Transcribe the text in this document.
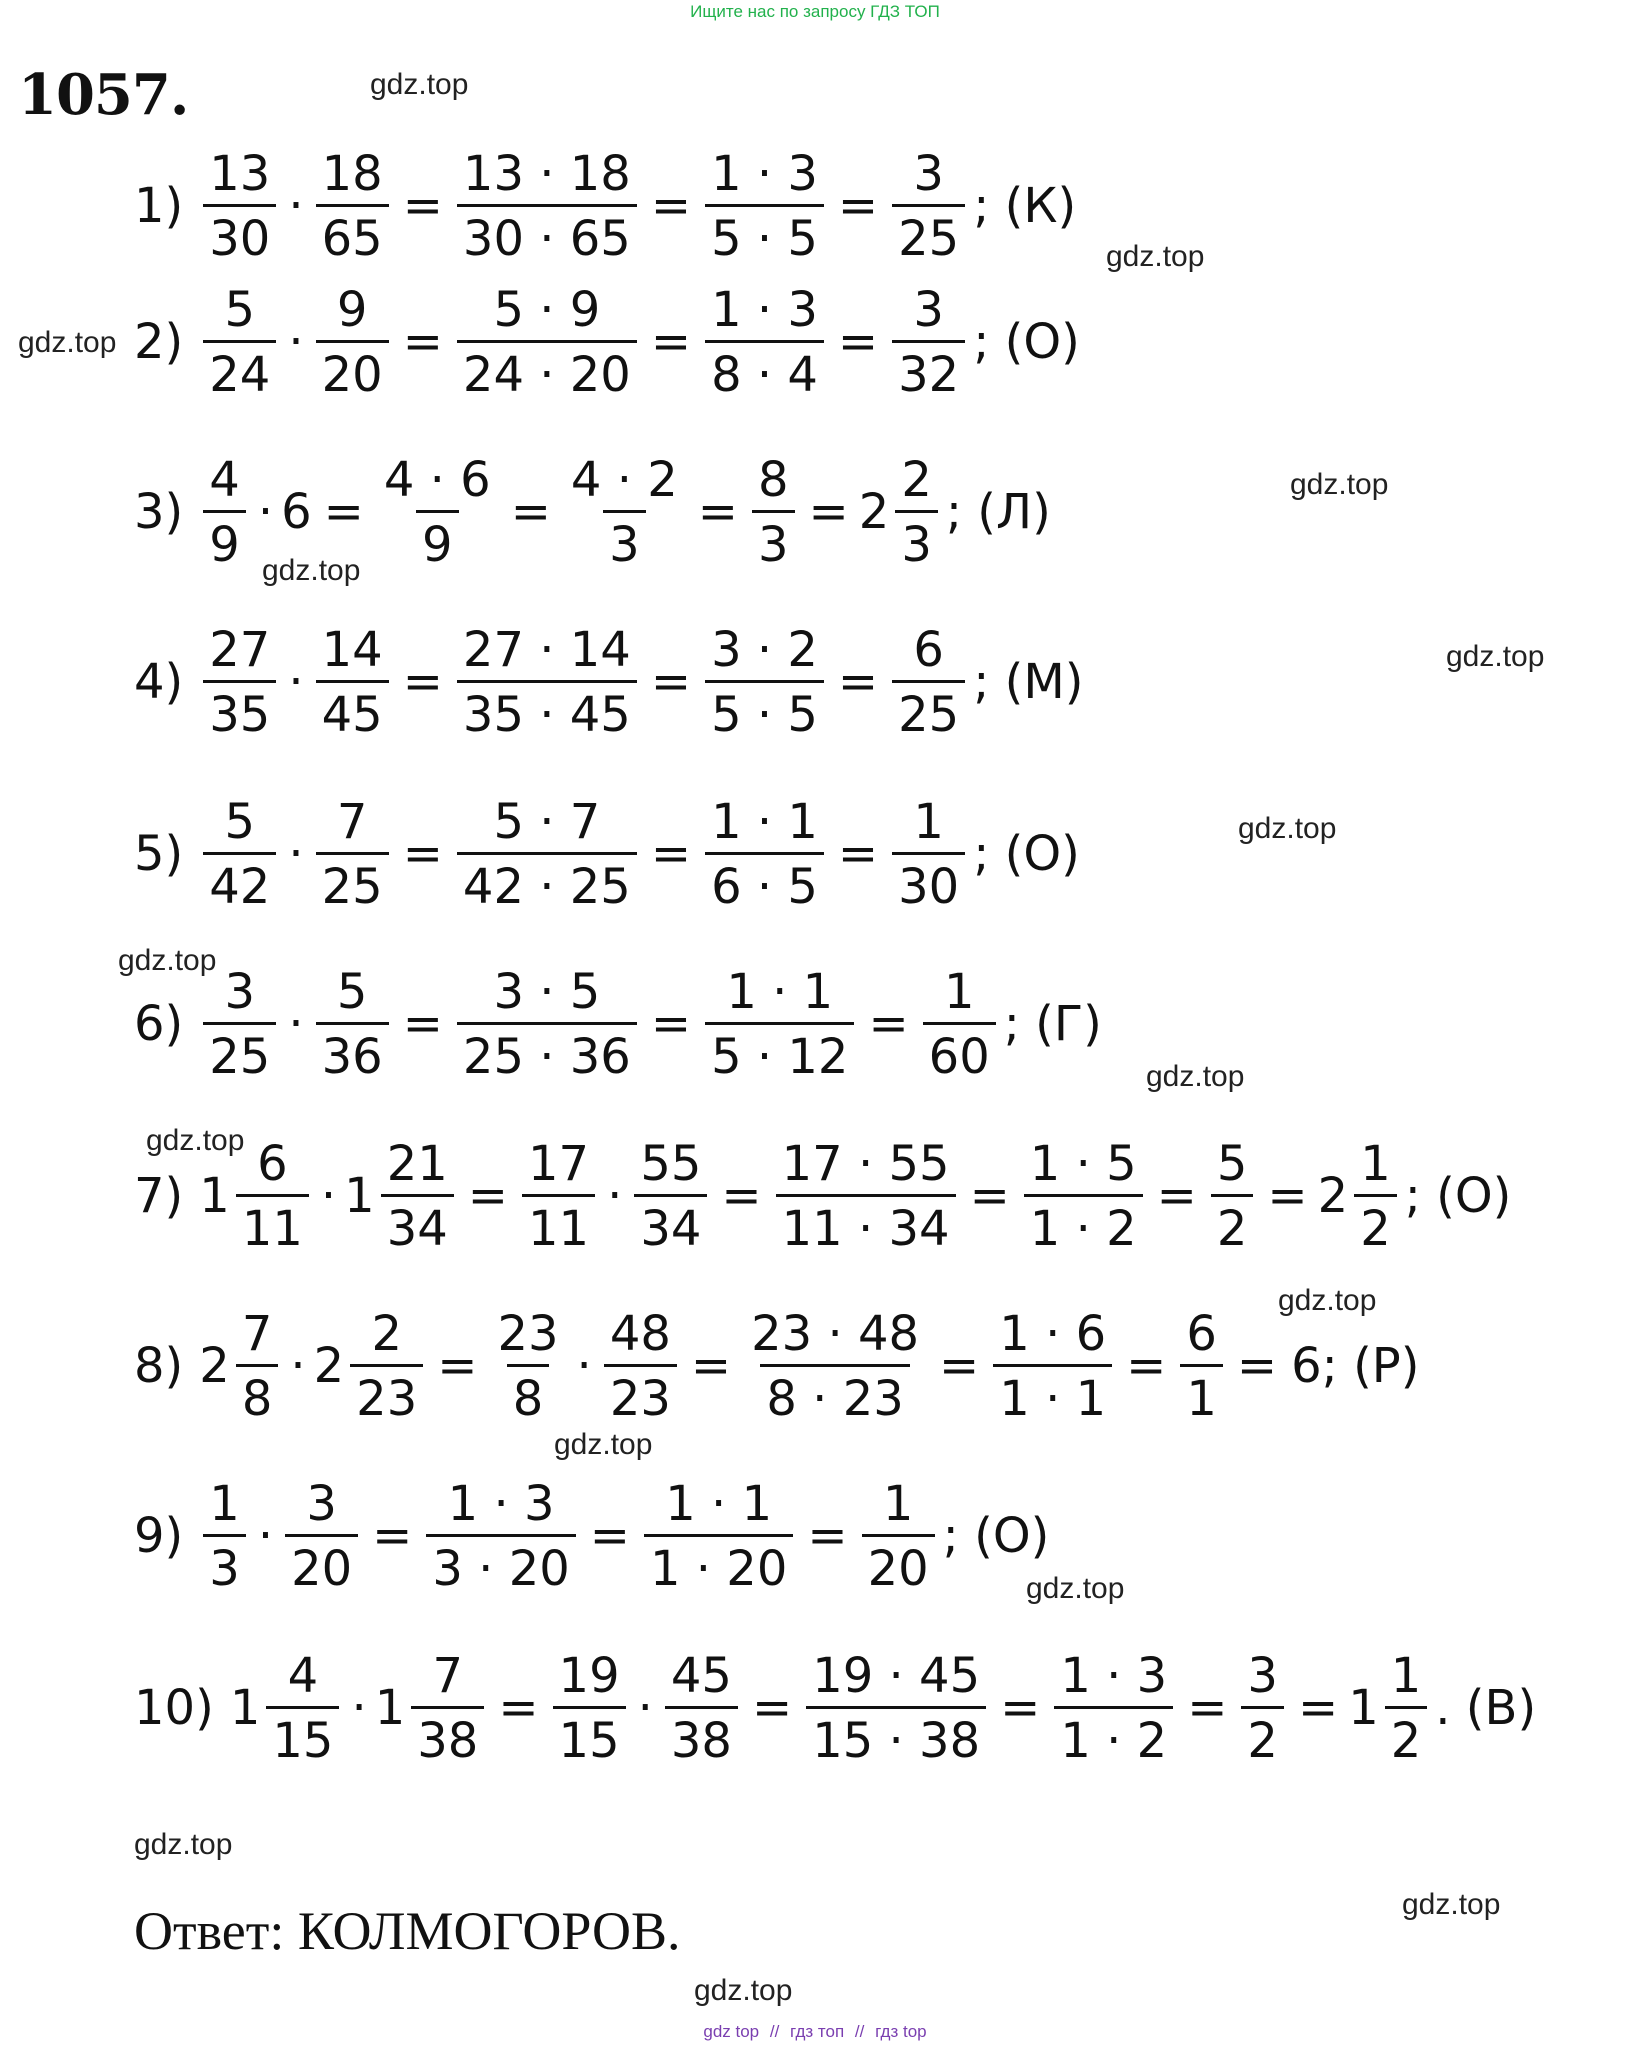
Ищите нас по запросу ГДЗ ТОП
1057.	gdz.top
gdz.top
gdz.top
gdz.top
gdz.top
gdz.top
gdz.top
gdz.top
gdz.top
gdz.top
gdz.top
gdz.top
gdz.top
gdz.top
gdz.top
gdz.top
$1) \frac{13}{30} \cdot \frac{18}{65} = \frac{13 \cdot 18}{30 \cdot 65} = \frac{1 \cdot 3}{5 \cdot 5} = \frac{3}{25}$ ; (К)
$2) \frac{5}{24} \cdot \frac{9}{20} = \frac{5 \cdot 9}{24 \cdot 20} = \frac{1 \cdot 3}{8 \cdot 4} = \frac{3}{32}$ ; (О)
$3) \frac{4}{9} \cdot 6 = \frac{4 \cdot 6}{9} = \frac{4 \cdot 2}{3} = \frac{8}{3} = 2 \frac{2}{3}$ ; (Л)
$4) \frac{27}{35} \cdot \frac{14}{45} = \frac{27 \cdot 14}{35 \cdot 45} = \frac{3 \cdot 2}{5 \cdot 5} = \frac{6}{25}$ ; (М)
$5) \frac{5}{42} \cdot \frac{7}{25} = \frac{5 \cdot 7}{42 \cdot 25} = \frac{1 \cdot 1}{6 \cdot 5} = \frac{1}{30}$ ; (О)
$6) \frac{3}{25} \cdot \frac{5}{36} = \frac{3 \cdot 5}{25 \cdot 36} = \frac{1 \cdot 1}{5 \cdot 12} = \frac{1}{60}$ ; (Г)
7) $1 \frac{6}{11} \cdot 1 \frac{21}{34} = \frac{17}{11} \cdot \frac{55}{34} = \frac{17 \cdot 55}{11 \cdot 34} = \frac{1 \cdot 5}{1 \cdot 2} = \frac{5}{2} = 2 \frac{1}{2}$ ; (О)
8) $2 \frac{7}{8} \cdot 2 \frac{2}{23} = \frac{23}{8} \cdot \frac{48}{23} = \frac{23 \cdot 48}{8 \cdot 23} = \frac{1 \cdot 6}{1 \cdot 1} = \frac{6}{1} = 6$; (Р)
$9) \frac{1}{3} \cdot \frac{3}{20} = \frac{1 \cdot 3}{3 \cdot 20} = \frac{1 \cdot 1}{1 \cdot 20} = \frac{1}{20}$ ; (О)
10) $1 \frac{4}{15} \cdot 1 \frac{7}{38} = \frac{19}{15} \cdot \frac{45}{38} = \frac{19 \cdot 45}{15 \cdot 38} = \frac{1 \cdot 3}{1 \cdot 2} = \frac{3}{2} = 1 \frac{1}{2}$ . (В)
Ответ: КОЛМОГОРОВ.
gdz top // гдз топ // гдз top
